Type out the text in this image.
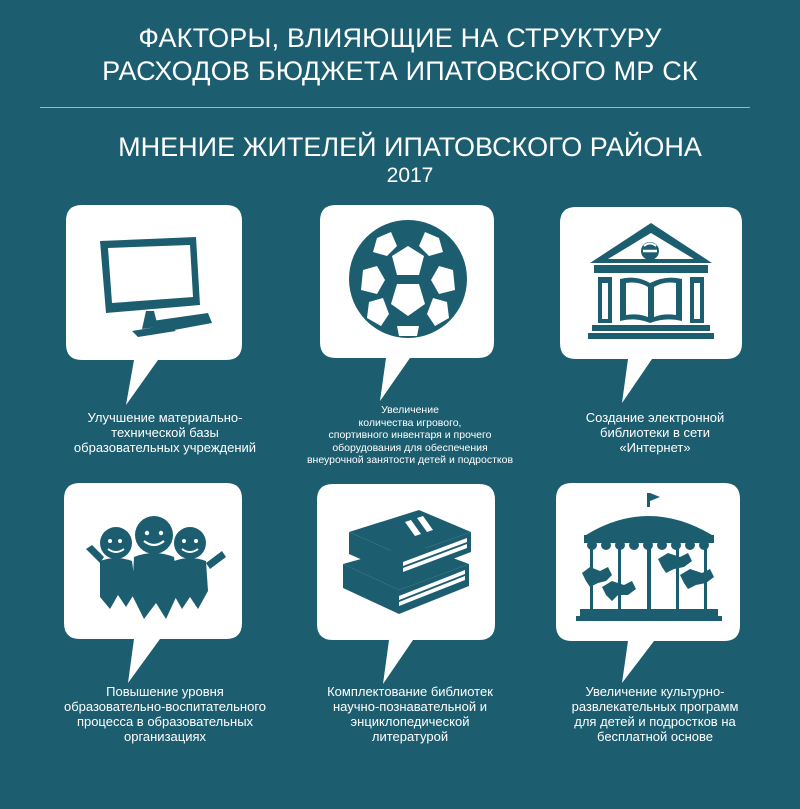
ФАКТОРЫ, ВЛИЯЮЩИЕ НА СТРУКТУРУ
РАСХОДОВ БЮДЖЕТА ИПАТОВСКОГО МР СК
МНЕНИЕ ЖИТЕЛЕЙ ИПАТОВСКОГО РАЙОНА
2017
Улучшение материально-
технической базы
образовательных учреждений
Увеличение
количества игрового,
спортивного инвентаря и прочего
оборудования для обеспечения
внеурочной занятости детей и подростков
Создание электронной
библиотеки в сети
«Интернет»
Повышение уровня
образовательно-воспитательного
процесса в образовательных
организациях
Комплектование библиотек
научно-познавательной и
энциклопедической
литературой
Увеличение культурно-
развлекательных программ
для детей и подростков на
бесплатной основе
